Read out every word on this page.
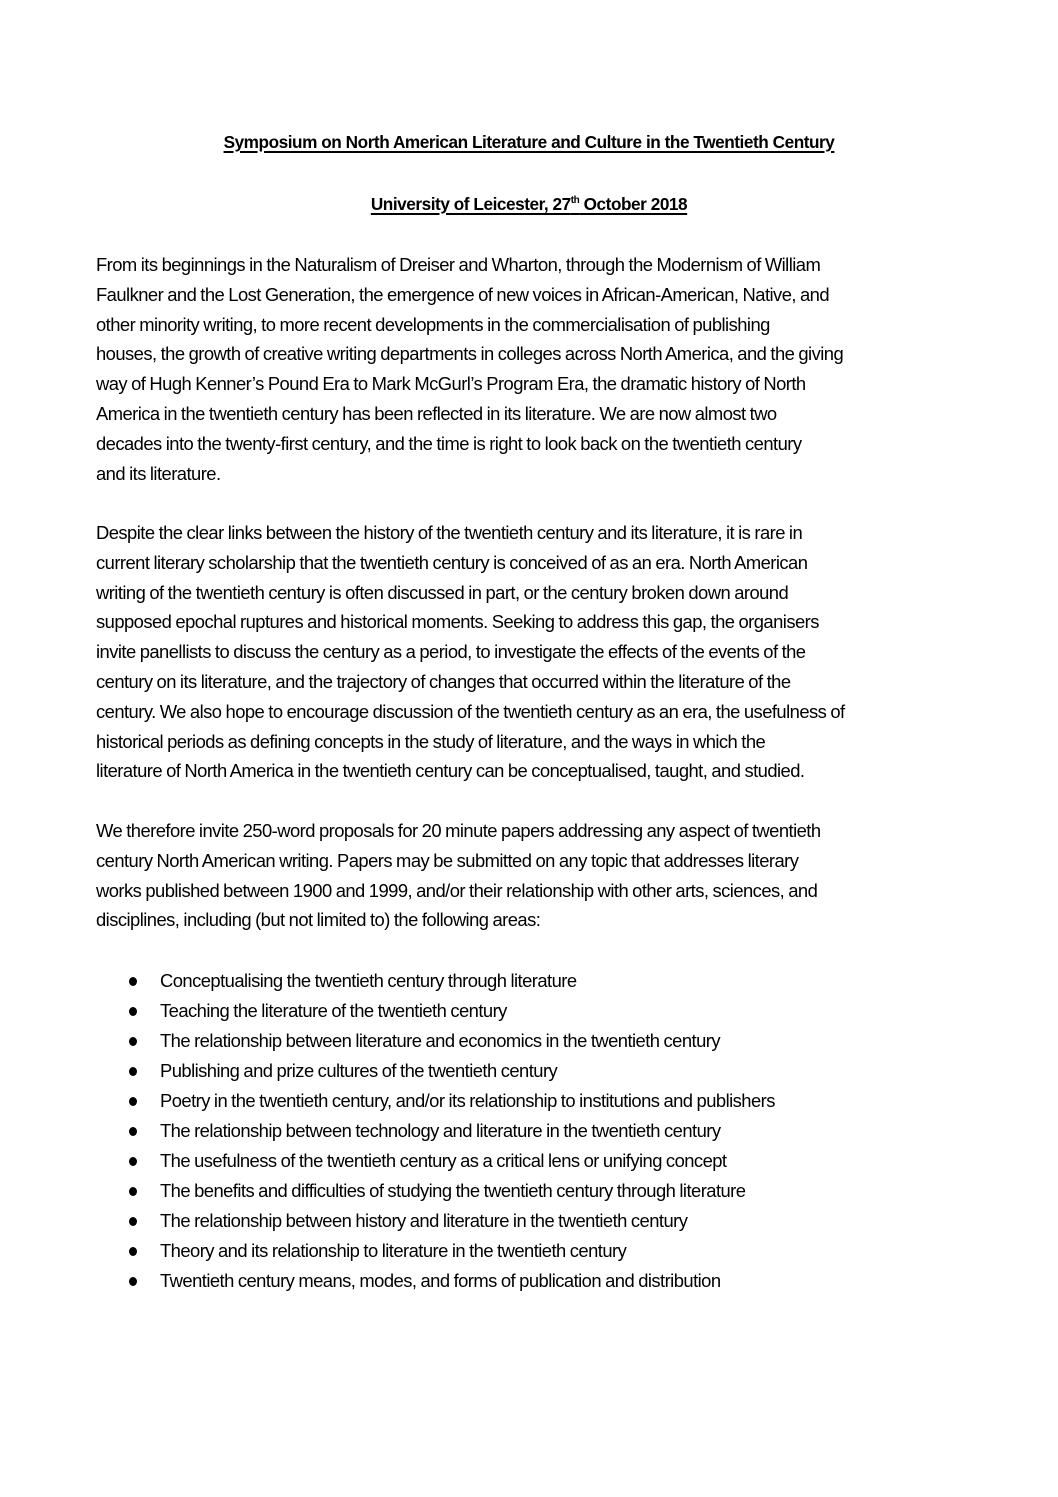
Symposium on North American Literature and Culture in the Twentieth Century
University of Leicester, 27th October 2018

From its beginnings in the Naturalism of Dreiser and Wharton, through the Modernism of William
Faulkner and the Lost Generation, the emergence of new voices in African-American, Native, and
other minority writing, to more recent developments in the commercialisation of publishing
houses, the growth of creative writing departments in colleges across North America, and the giving
way of Hugh Kenner’s Pound Era to Mark McGurl’s Program Era, the dramatic history of North
America in the twentieth century has been reflected in its literature. We are now almost two
decades into the twenty-first century, and the time is right to look back on the twentieth century
and its literature.

Despite the clear links between the history of the twentieth century and its literature, it is rare in
current literary scholarship that the twentieth century is conceived of as an era. North American
writing of the twentieth century is often discussed in part, or the century broken down around
supposed epochal ruptures and historical moments. Seeking to address this gap, the organisers
invite panellists to discuss the century as a period, to investigate the effects of the events of the
century on its literature, and the trajectory of changes that occurred within the literature of the
century. We also hope to encourage discussion of the twentieth century as an era, the usefulness of
historical periods as defining concepts in the study of literature, and the ways in which the
literature of North America in the twentieth century can be conceptualised, taught, and studied.

We therefore invite 250-word proposals for 20 minute papers addressing any aspect of twentieth
century North American writing. Papers may be submitted on any topic that addresses literary
works published between 1900 and 1999, and/or their relationship with other arts, sciences, and
disciplines, including (but not limited to) the following areas:

Conceptualising the twentieth century through literature
Teaching the literature of the twentieth century
The relationship between literature and economics in the twentieth century
Publishing and prize cultures of the twentieth century
Poetry in the twentieth century, and/or its relationship to institutions and publishers
The relationship between technology and literature in the twentieth century
The usefulness of the twentieth century as a critical lens or unifying concept
The benefits and difficulties of studying the twentieth century through literature
The relationship between history and literature in the twentieth century
Theory and its relationship to literature in the twentieth century
Twentieth century means, modes, and forms of publication and distribution
